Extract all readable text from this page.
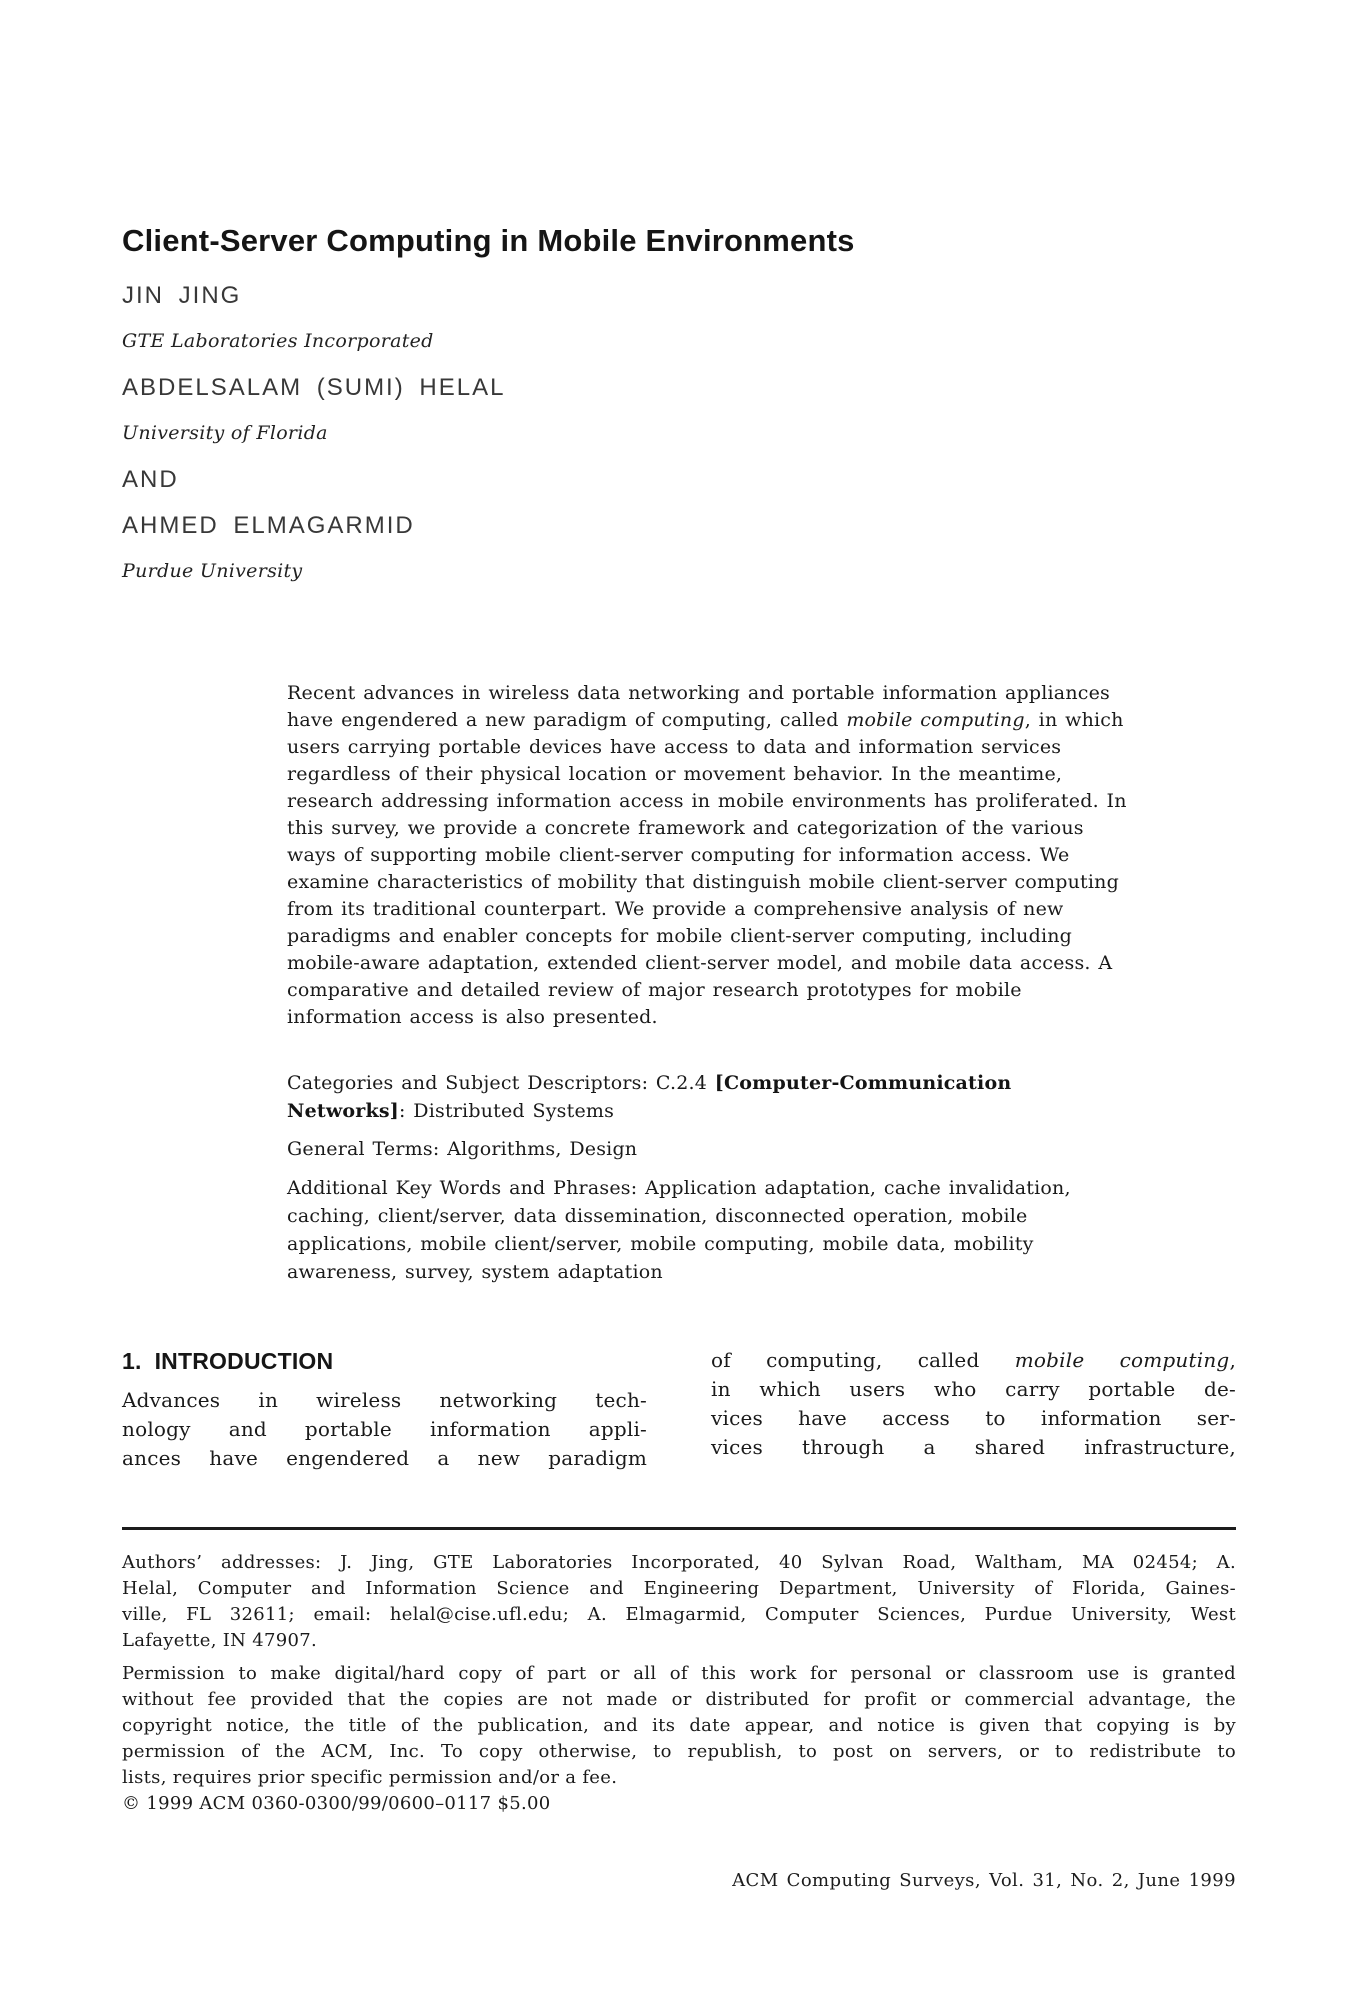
Client-Server Computing in Mobile Environments
JIN JING
GTE Laboratories Incorporated
ABDELSALAM (SUMI) HELAL
University of Florida
AND
AHMED ELMAGARMID
Purdue University
Recent advances in wireless data networking and portable information appliances
have engendered a new paradigm of computing, called mobile computing, in which
users carrying portable devices have access to data and information services
regardless of their physical location or movement behavior. In the meantime,
research addressing information access in mobile environments has proliferated. In
this survey, we provide a concrete framework and categorization of the various
ways of supporting mobile client-server computing for information access. We
examine characteristics of mobility that distinguish mobile client-server computing
from its traditional counterpart. We provide a comprehensive analysis of new
paradigms and enabler concepts for mobile client-server computing, including
mobile-aware adaptation, extended client-server model, and mobile data access. A
comparative and detailed review of major research prototypes for mobile
information access is also presented.
Categories and Subject Descriptors: C.2.4 [Computer-Communication
Networks]: Distributed Systems
General Terms: Algorithms, Design
Additional Key Words and Phrases: Application adaptation, cache invalidation,
caching, client/server, data dissemination, disconnected operation, mobile
applications, mobile client/server, mobile computing, mobile data, mobility
awareness, survey, system adaptation
1. INTRODUCTION
Advances in wireless networking tech-
nology and portable information appli-
ances have engendered a new paradigm
of computing, called mobile computing,
in which users who carry portable de-
vices have access to information ser-
vices through a shared infrastructure,
Authors’ addresses: J. Jing, GTE Laboratories Incorporated, 40 Sylvan Road, Waltham, MA 02454; A.
Helal, Computer and Information Science and Engineering Department, University of Florida, Gaines-
ville, FL 32611; email: helal@cise.ufl.edu; A. Elmagarmid, Computer Sciences, Purdue University, West
Lafayette, IN 47907.
Permission to make digital/hard copy of part or all of this work for personal or classroom use is granted
without fee provided that the copies are not made or distributed for profit or commercial advantage, the
copyright notice, the title of the publication, and its date appear, and notice is given that copying is by
permission of the ACM, Inc. To copy otherwise, to republish, to post on servers, or to redistribute to
lists, requires prior specific permission and/or a fee.
© 1999 ACM 0360-0300/99/0600–0117 $5.00
ACM Computing Surveys, Vol. 31, No. 2, June 1999
